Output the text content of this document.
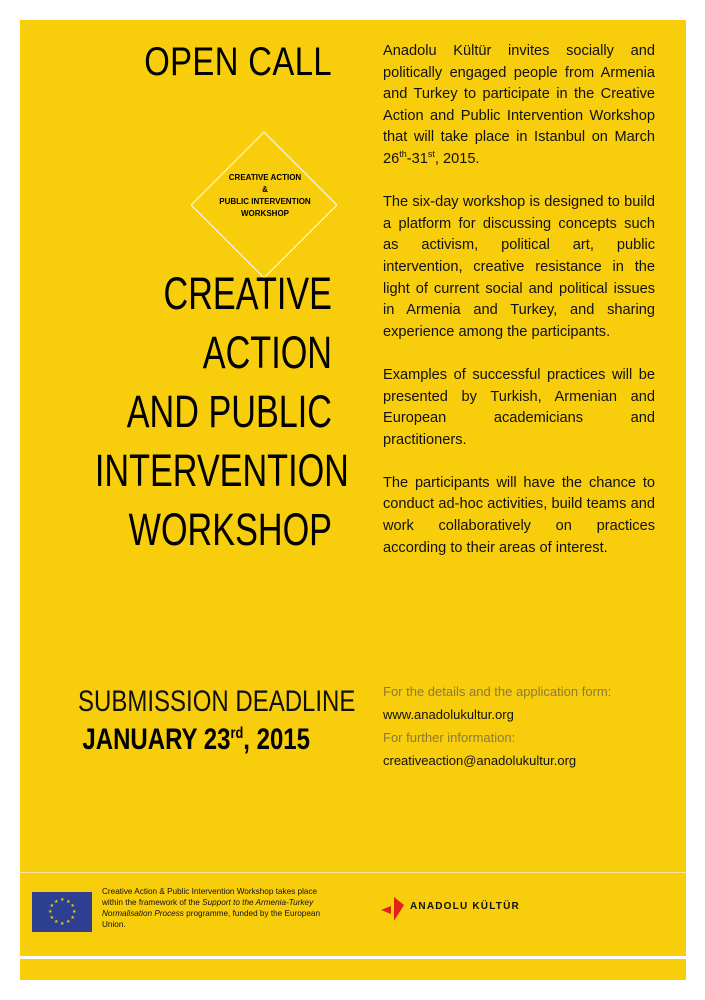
OPEN CALL
CREATIVE ACTION
&
PUBLIC INTERVENTION
WORKSHOP
CREATIVE
ACTION
AND PUBLIC
INTERVENTION
WORKSHOP

Anadolu Kültür invites socially and politically engaged people from Armenia and Turkey to participate in the Creative Action and Public Intervention Workshop that will take place in Istanbul on March 26th-31st, 2015.

The six-day workshop is designed to build a platform for discussing concepts such as activism, political art, public intervention, creative resistance in the light of current social and political issues in Armenia and Turkey, and sharing experience among the participants.

Examples of successful practices will be presented by Turkish, Armenian and European academicians and practitioners.

The participants will have the chance to conduct ad-hoc activities, build teams and work collaboratively on practices according to their areas of interest.

SUBMISSION DEADLINE
JANUARY 23rd, 2015
For the details and the application form:
www.anadolukultur.org
For further information:
creativeaction@anadolukultur.org
★ ★
★
★
★
★
★
★
★
★
★
★
Creative Action & Public Intervention Workshop takes place within the framework of the Support to the Armenia-Turkey Normalisation Process programme, funded by the European Union.
ANADOLU KÜLTÜR
